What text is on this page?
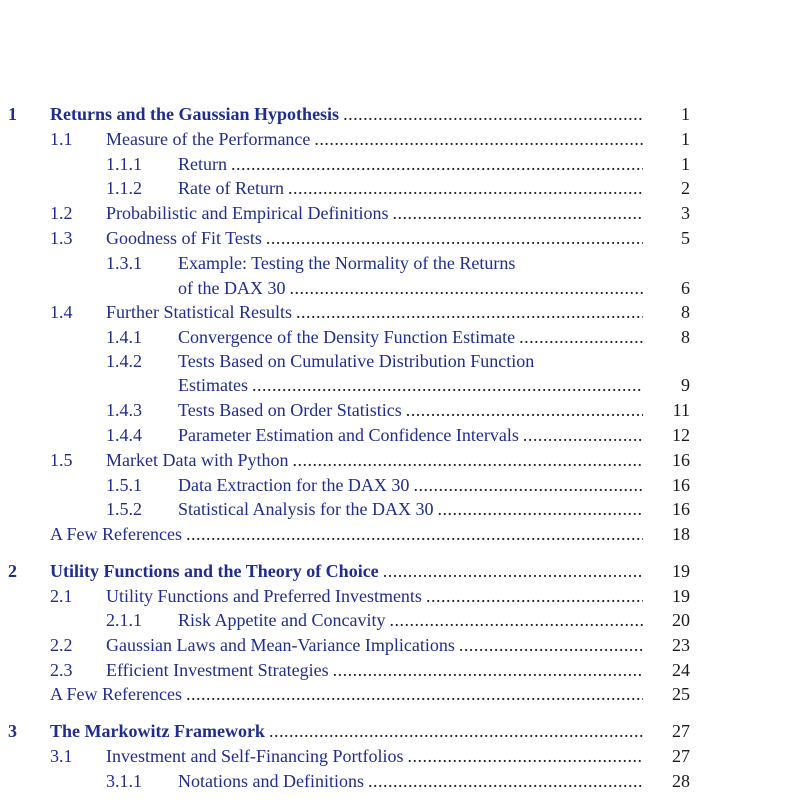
1 Returns and the Gaussian Hypothesis . . .	1
1.1 Measure of the Performance . . .	1
1.1.1 Return . . .	1
1.1.2 Rate of Return . . .	2
1.2 Probabilistic and Empirical Definitions . . .	3
1.3 Goodness of Fit Tests . . .	5
1.3.1 Example: Testing the Normality of the Returns
of the DAX 30 . . .	6
1.4 Further Statistical Results . . .	8
1.4.1 Convergence of the Density Function Estimate . . .	8
1.4.2 Tests Based on Cumulative Distribution Function
Estimates . . .	9
1.4.3 Tests Based on Order Statistics . . .	11
1.4.4 Parameter Estimation and Confidence Intervals . . .	12
1.5 Market Data with Python . . .	16
1.5.1 Data Extraction for the DAX 30 . . .	16
1.5.2 Statistical Analysis for the DAX 30 . . .	16
A Few References . . .	18
2 Utility Functions and the Theory of Choice . . .	19
2.1 Utility Functions and Preferred Investments . . .	19
2.1.1 Risk Appetite and Concavity . . .	20
2.2 Gaussian Laws and Mean-Variance Implications . . .	23
2.3 Efficient Investment Strategies . . .	24
A Few References . . .	25
3 The Markowitz Framework . . .	27
3.1 Investment and Self-Financing Portfolios . . .	27
3.1.1 Notations and Definitions . . .	28
